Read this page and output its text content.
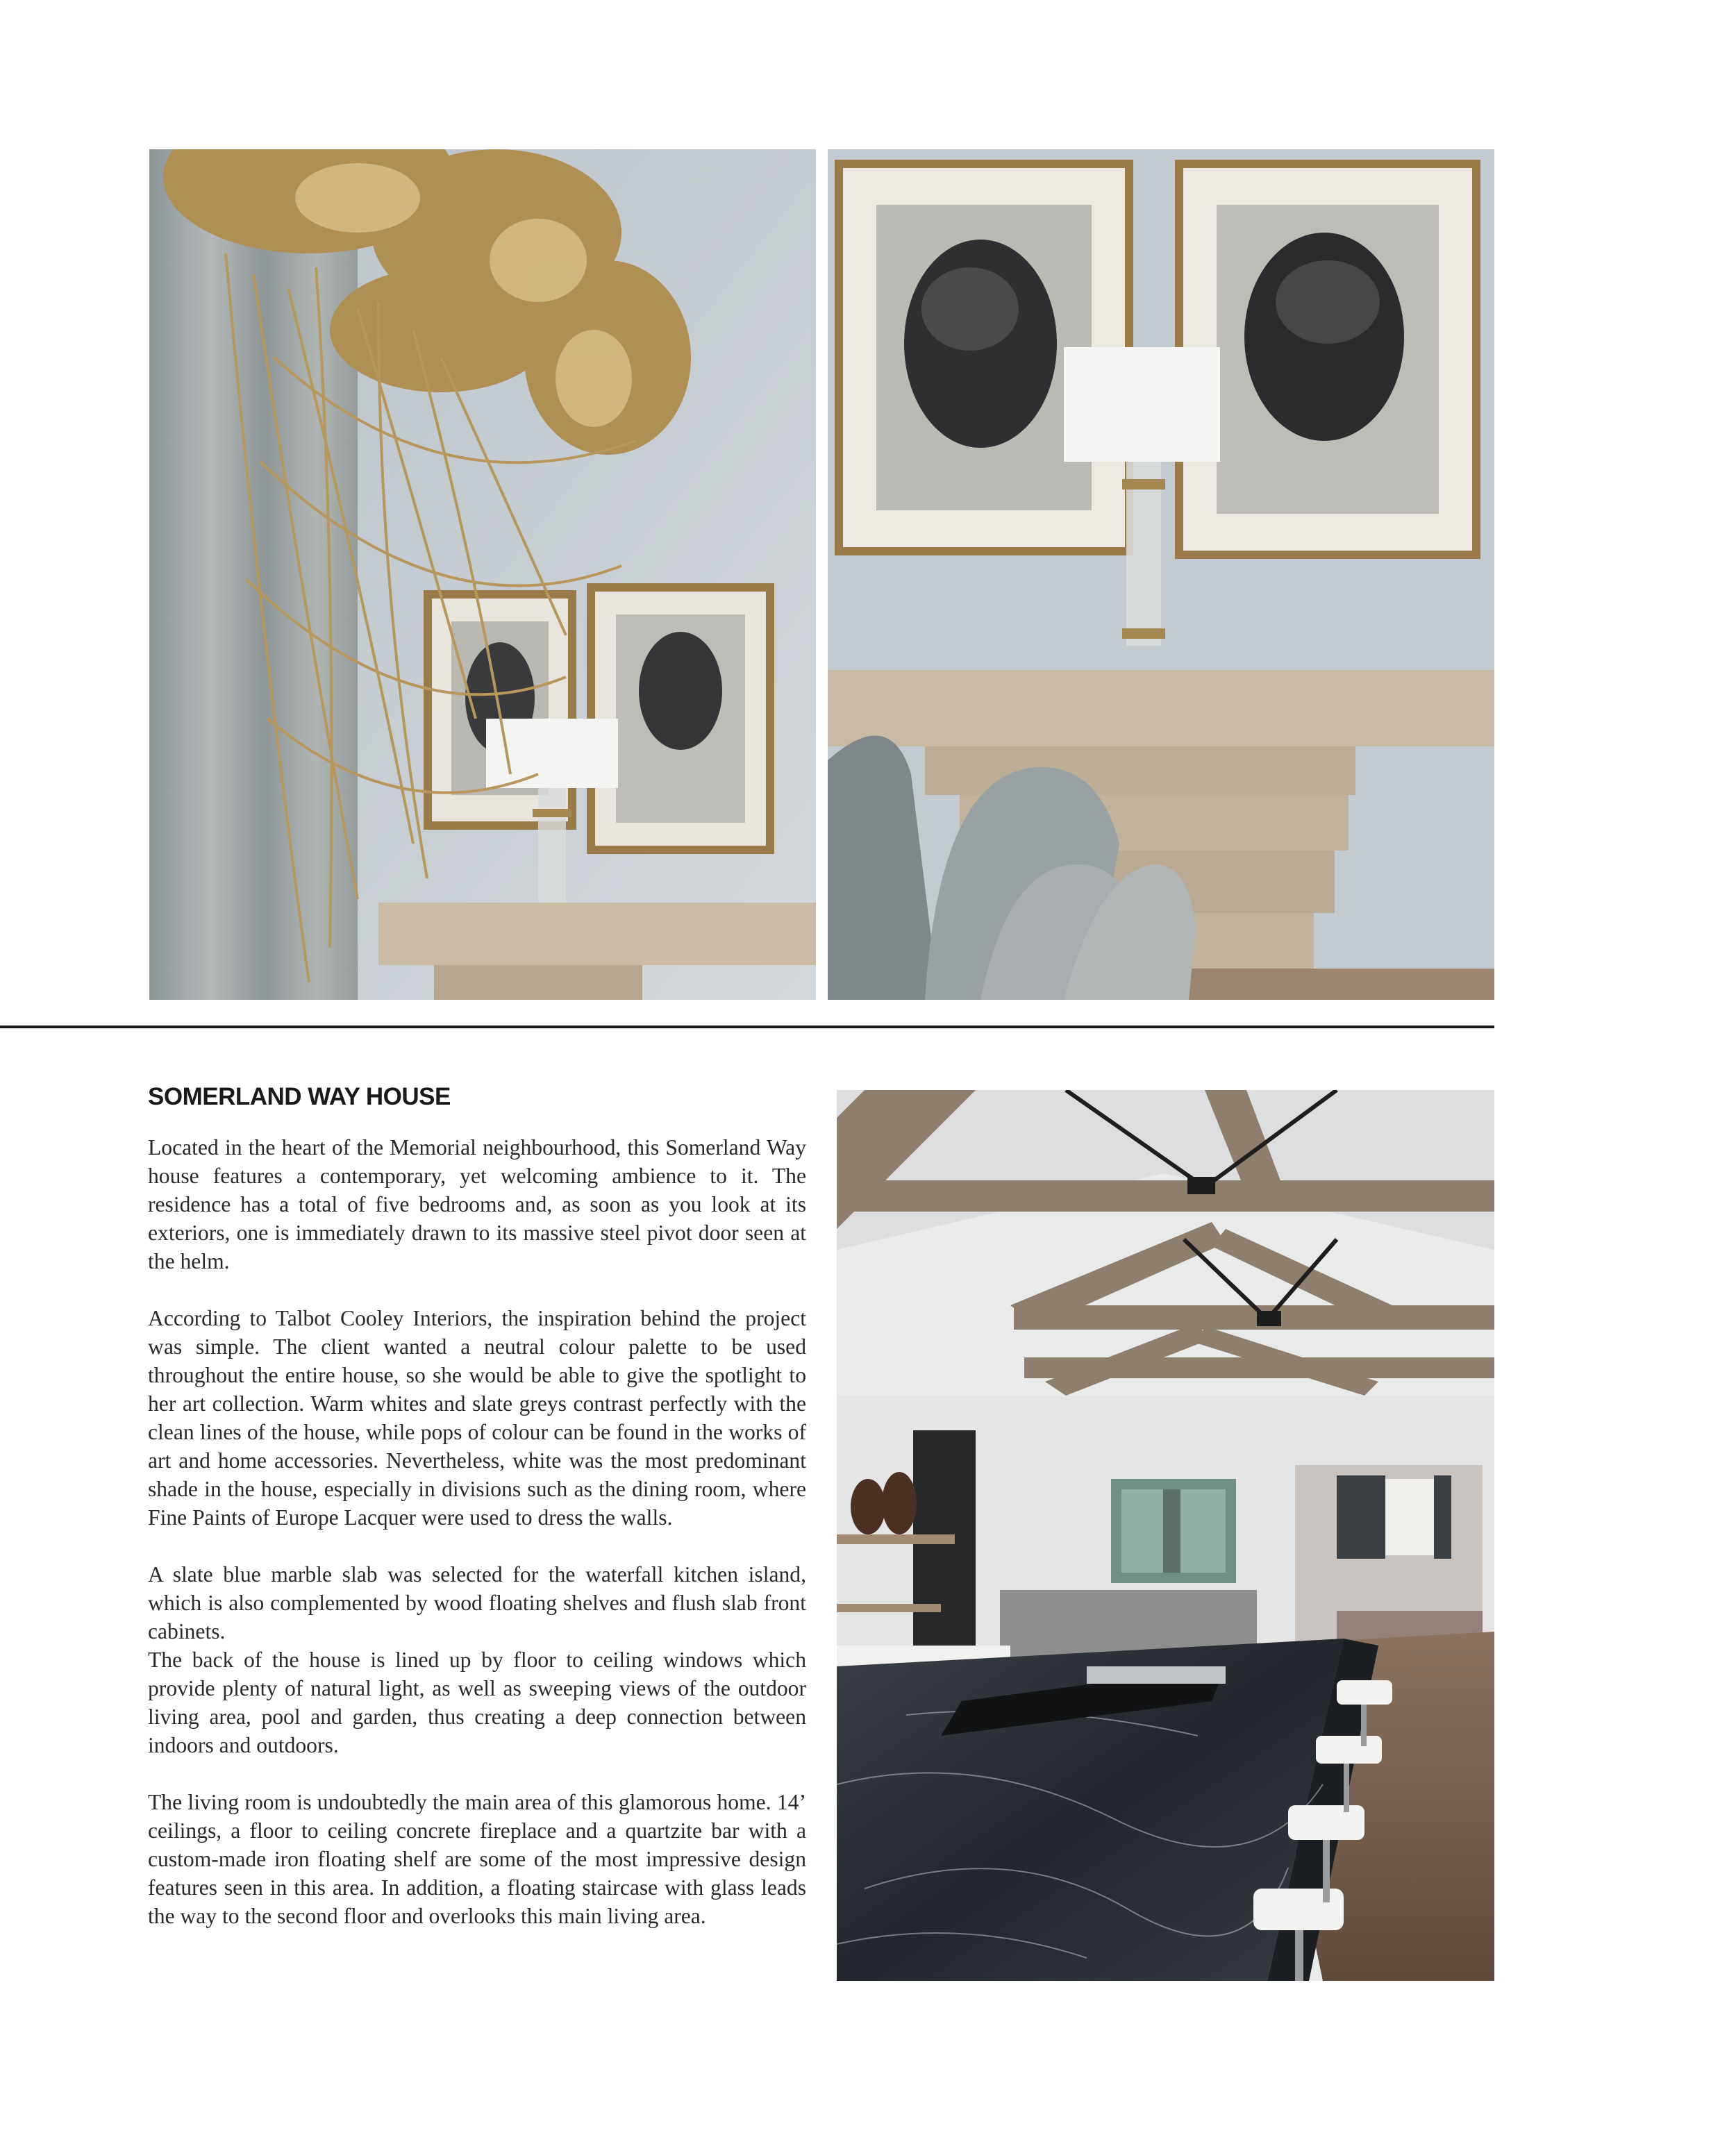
SOMERLAND WAY HOUSE

Located in the heart of the Memorial neighbourhood, this Somerland Way house features a contemporary, yet welcoming ambience to it. The residence has a total of five bedrooms and, as soon as you look at its exteriors, one is immediately drawn to its massive steel pivot door seen at the helm.

According to Talbot Cooley Interiors, the inspiration behind the project was simple. The client wanted a neutral colour palette to be used throughout the entire house, so she would be able to give the spotlight to her art collection. Warm whites and slate greys contrast perfectly with the clean lines of the house, while pops of colour can be found in the works of art and home accessories. Nevertheless, white was the most predominant shade in the house, especially in divisions such as the dining room, where Fine Paints of Europe Lacquer were used to dress the walls.

A slate blue marble slab was selected for the waterfall kitchen island, which is also complemented by wood floating shelves and flush slab front cabinets.

The back of the house is lined up by floor to ceiling windows which provide plenty of natural light, as well as sweeping views of the outdoor living area, pool and garden, thus creating a deep connection between indoors and outdoors.

The living room is undoubtedly the main area of this glamorous home. 14’ ceilings, a floor to ceiling concrete fireplace and a quartzite bar with a custom-made iron floating shelf are some of the most impressive design features seen in this area. In addition, a floating staircase with glass leads the way to the second floor and overlooks this main living area.
